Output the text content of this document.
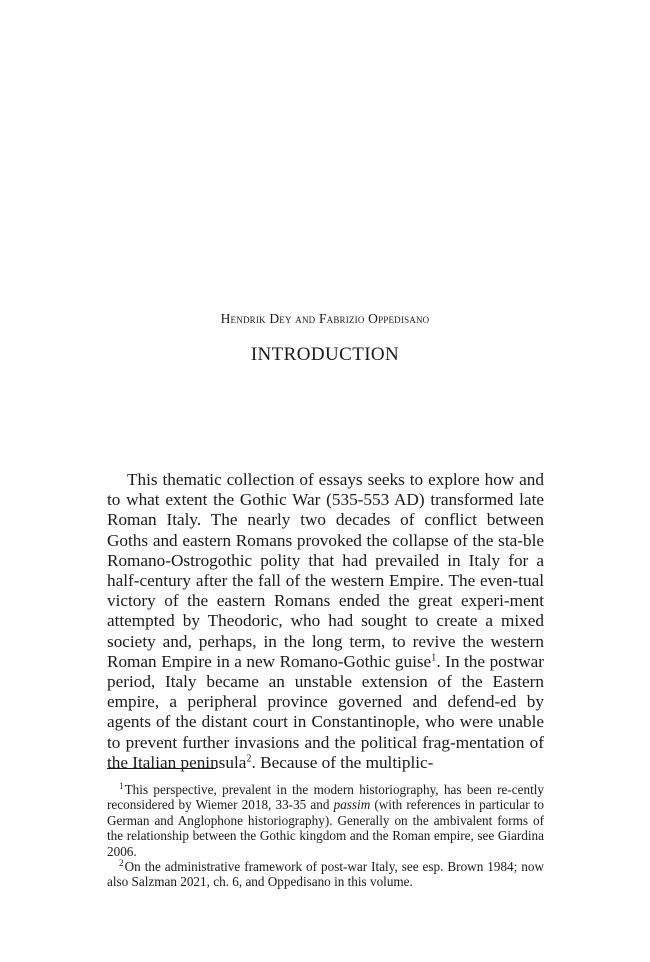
Hendrik Dey and Fabrizio Oppedisano
INTRODUCTION

This thematic collection of essays seeks to explore how and to what extent the Gothic War (535-553 AD) transformed late Roman Italy. The nearly two decades of conflict between Goths and eastern Romans provoked the collapse of the sta-ble Romano-Ostrogothic polity that had prevailed in Italy for a half-century after the fall of the western Empire. The even-tual victory of the eastern Romans ended the great experi-ment attempted by Theodoric, who had sought to create a mixed society and, perhaps, in the long term, to revive the western Roman Empire in a new Romano-Gothic guise$^1$. In the postwar period, Italy became an unstable extension of the Eastern empire, a peripheral province governed and defend-ed by agents of the distant court in Constantinople, who were unable to prevent further invasions and the political frag-mentation of the Italian peninsula$^2$. Because of the multiplic-

$^1$This perspective, prevalent in the modern historiography, has been re-cently reconsidered by Wiemer 2018, 33-35 and passim (with references in particular to German and Anglophone historiography). Generally on the ambivalent forms of the relationship between the Gothic kingdom and the Roman empire, see Giardina 2006.

$^2$On the administrative framework of post-war Italy, see esp. Brown 1984; now also Salzman 2021, ch. 6, and Oppedisano in this volume.
